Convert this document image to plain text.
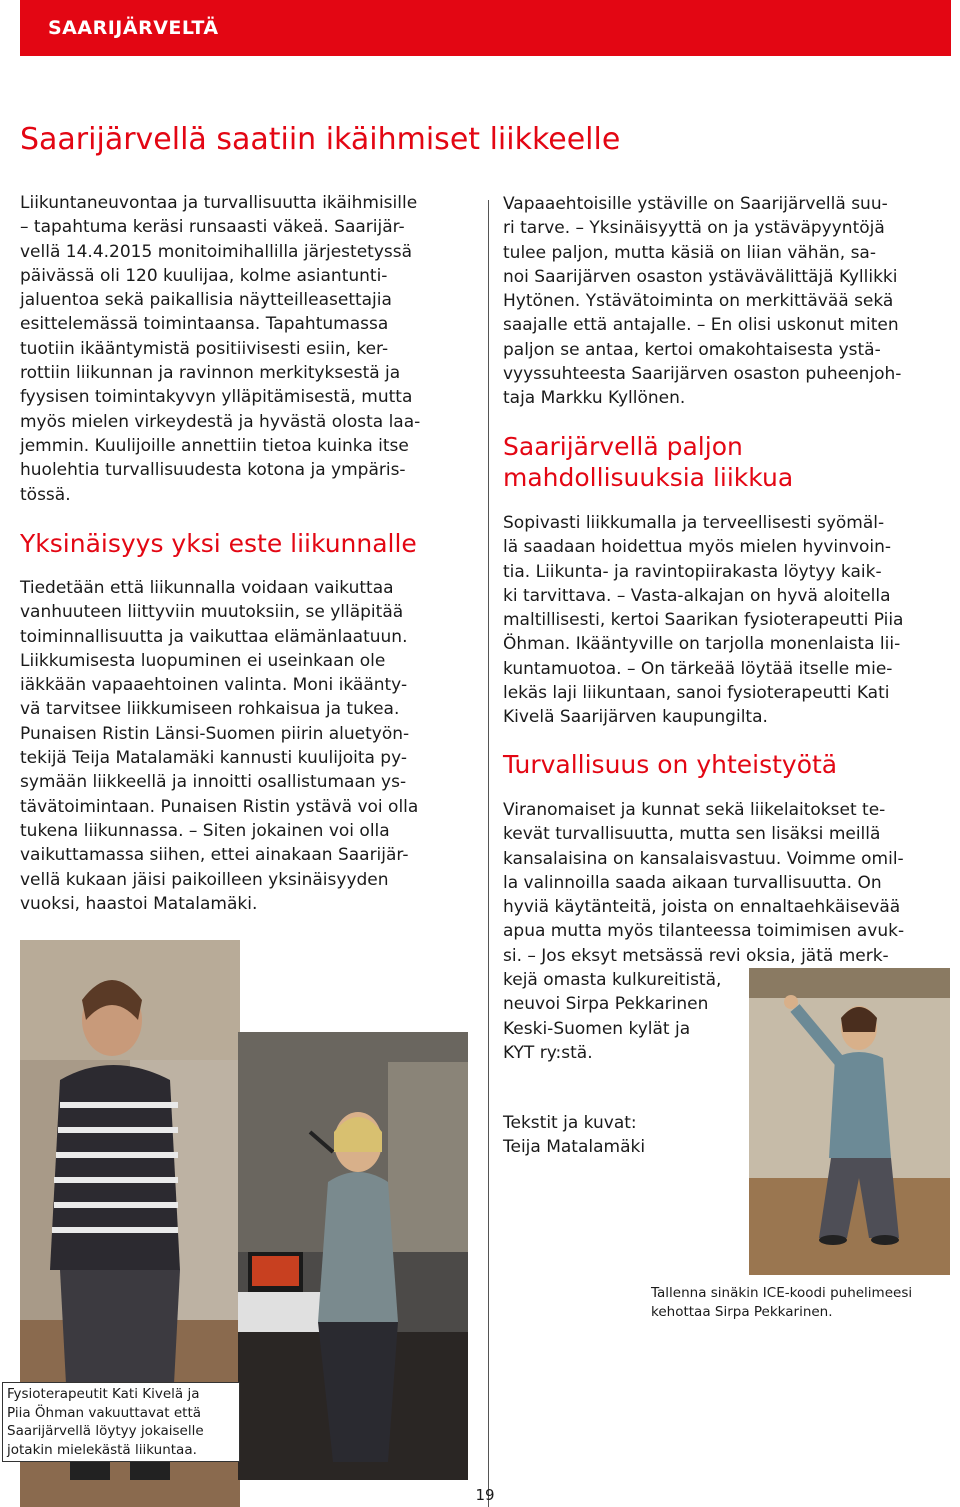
SAARIJÄRVELTÄ
Saarijärvellä saatiin ikäihmiset liikkeelle

Liikuntaneuvontaa ja turvallisuutta ikäihmisille

– tapahtuma keräsi runsaasti väkeä. Saarijär-

vellä 14.4.2015 monitoimihallilla järjestetyssä

päivässä oli 120 kuulijaa, kolme asiantunti-

jaluentoa sekä paikallisia näytteilleasettajia

esittelemässä toimintaansa. Tapahtumassa

tuotiin ikääntymistä positiivisesti esiin, ker-

rottiin liikunnan ja ravinnon merkityksestä ja

fyysisen toimintakyvyn ylläpitämisestä, mutta

myös mielen virkeydestä ja hyvästä olosta laa-

jemmin. Kuulijoille annettiin tietoa kuinka itse

huolehtia turvallisuudesta kotona ja ympäris-

tössä.

Yksinäisyys yksi este liikunnalle

Tiedetään että liikunnalla voidaan vaikuttaa

vanhuuteen liittyviin muutoksiin, se ylläpitää

toiminnallisuutta ja vaikuttaa elämänlaatuun.

Liikkumisesta luopuminen ei useinkaan ole

iäkkään vapaaehtoinen valinta. Moni ikäänty-

vä tarvitsee liikkumiseen rohkaisua ja tukea.

Punaisen Ristin Länsi-Suomen piirin aluetyön-

tekijä Teija Matalamäki kannusti kuulijoita py-

symään liikkeellä ja innoitti osallistumaan ys-

tävätoimintaan. Punaisen Ristin ystävä voi olla

tukena liikunnassa. – Siten jokainen voi olla

vaikuttamassa siihen, ettei ainakaan Saarijär-

vellä kukaan jäisi paikoilleen yksinäisyyden

vuoksi, haastoi Matalamäki.

Vapaaehtoisille ystäville on Saarijärvellä suu-

ri tarve. – Yksinäisyyttä on ja ystäväpyyntöjä

tulee paljon, mutta käsiä on liian vähän, sa-

noi Saarijärven osaston ystävävälittäjä Kyllikki

Hytönen. Ystävätoiminta on merkittävää sekä

saajalle että antajalle. – En olisi uskonut miten

paljon se antaa, kertoi omakohtaisesta ystä-

vyyssuhteesta Saarijärven osaston puheenjoh-

taja Markku Kyllönen.

Saarijärvellä paljon
mahdollisuuksia liikkua

Sopivasti liikkumalla ja terveellisesti syömäl-

lä saadaan hoidettua myös mielen hyvinvoin-

tia. Liikunta- ja ravintopiirakasta löytyy kaik-

ki tarvittava. – Vasta-alkajan on hyvä aloitella

maltillisesti, kertoi Saarikan fysioterapeutti Piia

Öhman. Ikääntyville on tarjolla monenlaista lii-

kuntamuotoa. – On tärkeää löytää itselle mie-

lekäs laji liikuntaan, sanoi fysioterapeutti Kati

Kivelä Saarijärven kaupungilta.

Turvallisuus on yhteistyötä

Viranomaiset ja kunnat sekä liikelaitokset te-

kevät turvallisuutta, mutta sen lisäksi meillä

kansalaisina on kansalaisvastuu. Voimme omil-

la valinnoilla saada aikaan turvallisuutta. On

hyviä käytänteitä, joista on ennaltaehkäisevää

apua mutta myös tilanteessa toimimisen avuk-

si. – Jos eksyt metsässä revi oksia, jätä merk-

kejä omasta kulkureitistä,

neuvoi Sirpa Pekkarinen

Keski-Suomen kylät ja

KYT ry:stä.

Tekstit ja kuvat:

Teija Matalamäki

Tallenna sinäkin ICE-koodi puhelimeesi
kehottaa Sirpa Pekkarinen.
Fysioterapeutit Kati Kivelä ja
Piia Öhman vakuuttavat että
Saarijärvellä löytyy jokaiselle
jotakin mielekästä liikuntaa.
19
